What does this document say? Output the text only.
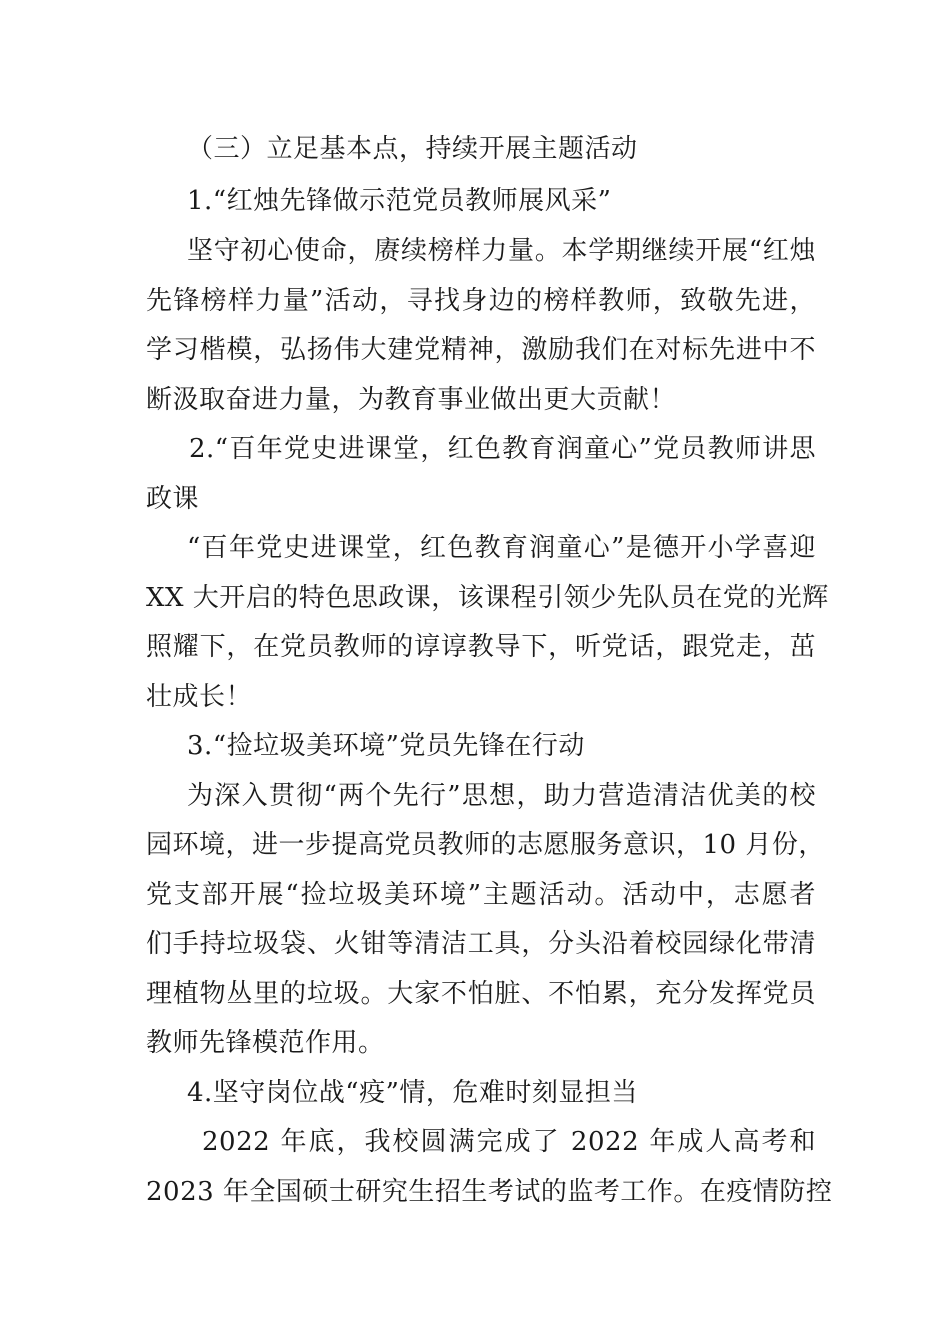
（三）立足基本点，持续开展主题活动
1.“红烛先锋做示范党员教师展风采”
坚守初心使命，赓续榜样力量。本学期继续开展“红烛
先锋榜样力量”活动，寻找身边的榜样教师，致敬先进，
学习楷模，弘扬伟大建党精神，激励我们在对标先进中不
断汲取奋进力量，为教育事业做出更大贡献！
2.“百年党史进课堂，红色教育润童心”党员教师讲思
政课
“百年党史进课堂，红色教育润童心”是德开小学喜迎
XX 大开启的特色思政课，该课程引领少先队员在党的光辉
照耀下，在党员教师的谆谆教导下，听党话，跟党走，茁
壮成长！
3.“捡垃圾美环境”党员先锋在行动
为深入贯彻“两个先行”思想，助力营造清洁优美的校
园环境，进一步提高党员教师的志愿服务意识，10 月份，
党支部开展“捡垃圾美环境”主题活动。活动中，志愿者
们手持垃圾袋、火钳等清洁工具，分头沿着校园绿化带清
理植物丛里的垃圾。大家不怕脏、不怕累，充分发挥党员
教师先锋模范作用。
4.坚守岗位战“疫”情，危难时刻显担当
2022 年底，我校圆满完成了 2022 年成人高考和
2023 年全国硕士研究生招生考试的监考工作。在疫情防控
